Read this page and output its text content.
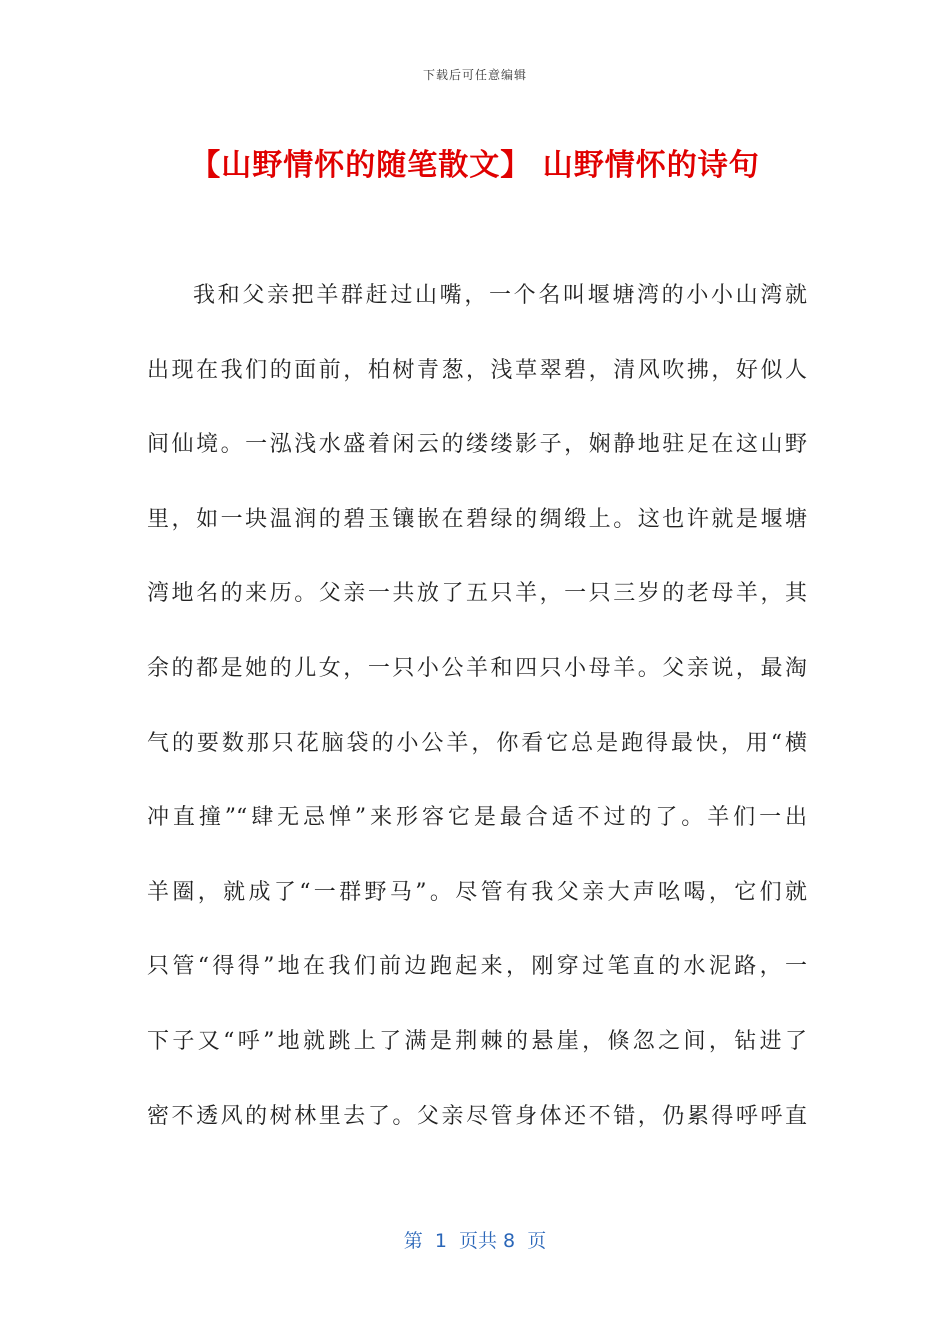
下载后可任意编辑
【山野情怀的随笔散文】 山野情怀的诗句
我和父亲把羊群赶过山嘴，一个名叫堰塘湾的小小山湾就
出现在我们的面前，柏树青葱，浅草翠碧，清风吹拂，好似人
间仙境。一泓浅水盛着闲云的缕缕影子，娴静地驻足在这山野
里，如一块温润的碧玉镶嵌在碧绿的绸缎上。这也许就是堰塘
湾地名的来历。父亲一共放了五只羊，一只三岁的老母羊，其
余的都是她的儿女，一只小公羊和四只小母羊。父亲说，最淘
气的要数那只花脑袋的小公羊，你看它总是跑得最快，用“横
冲直撞”“肆无忌惮”来形容它是最合适不过的了。羊们一出
羊圈，就成了“一群野马”。尽管有我父亲大声吆喝，它们就
只管“得得”地在我们前边跑起来，刚穿过笔直的水泥路，一
下子又“呼”地就跳上了满是荆棘的悬崖，倏忽之间，钻进了
密不透风的树林里去了。父亲尽管身体还不错，仍累得呼呼直
第  1  页共 8  页
